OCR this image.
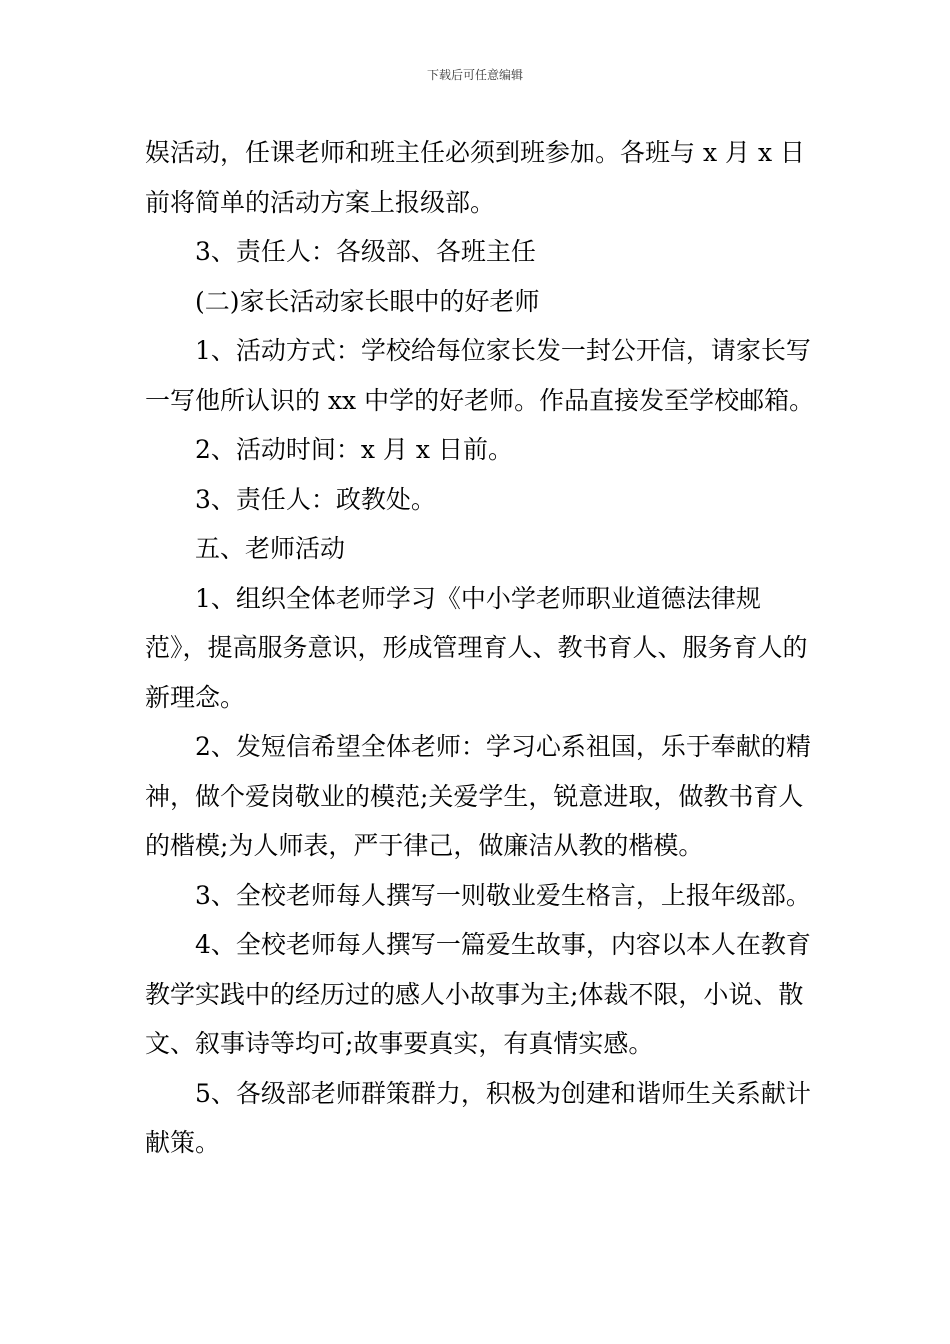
下载后可任意编辑

娱活动，任课老师和班主任必须到班参加。各班与 x 月 x 日前将简单的活动方案上报级部。

3、责任人：各级部、各班主任

(二)家长活动家长眼中的好老师

1、活动方式：学校给每位家长发一封公开信，请家长写一写他所认识的 xx 中学的好老师。作品直接发至学校邮箱。

2、活动时间：x 月 x 日前。

3、责任人：政教处。

五、老师活动

1、组织全体老师学习《中小学老师职业道德法律规范》，提高服务意识，形成管理育人、教书育人、服务育人的新理念。

2、发短信希望全体老师：学习心系祖国，乐于奉献的精神，做个爱岗敬业的模范;关爱学生，锐意进取，做教书育人的楷模;为人师表，严于律己，做廉洁从教的楷模。

3、全校老师每人撰写一则敬业爱生格言，上报年级部。

4、全校老师每人撰写一篇爱生故事，内容以本人在教育教学实践中的经历过的感人小故事为主;体裁不限，小说、散文、叙事诗等均可;故事要真实，有真情实感。

5、各级部老师群策群力，积极为创建和谐师生关系献计献策。
